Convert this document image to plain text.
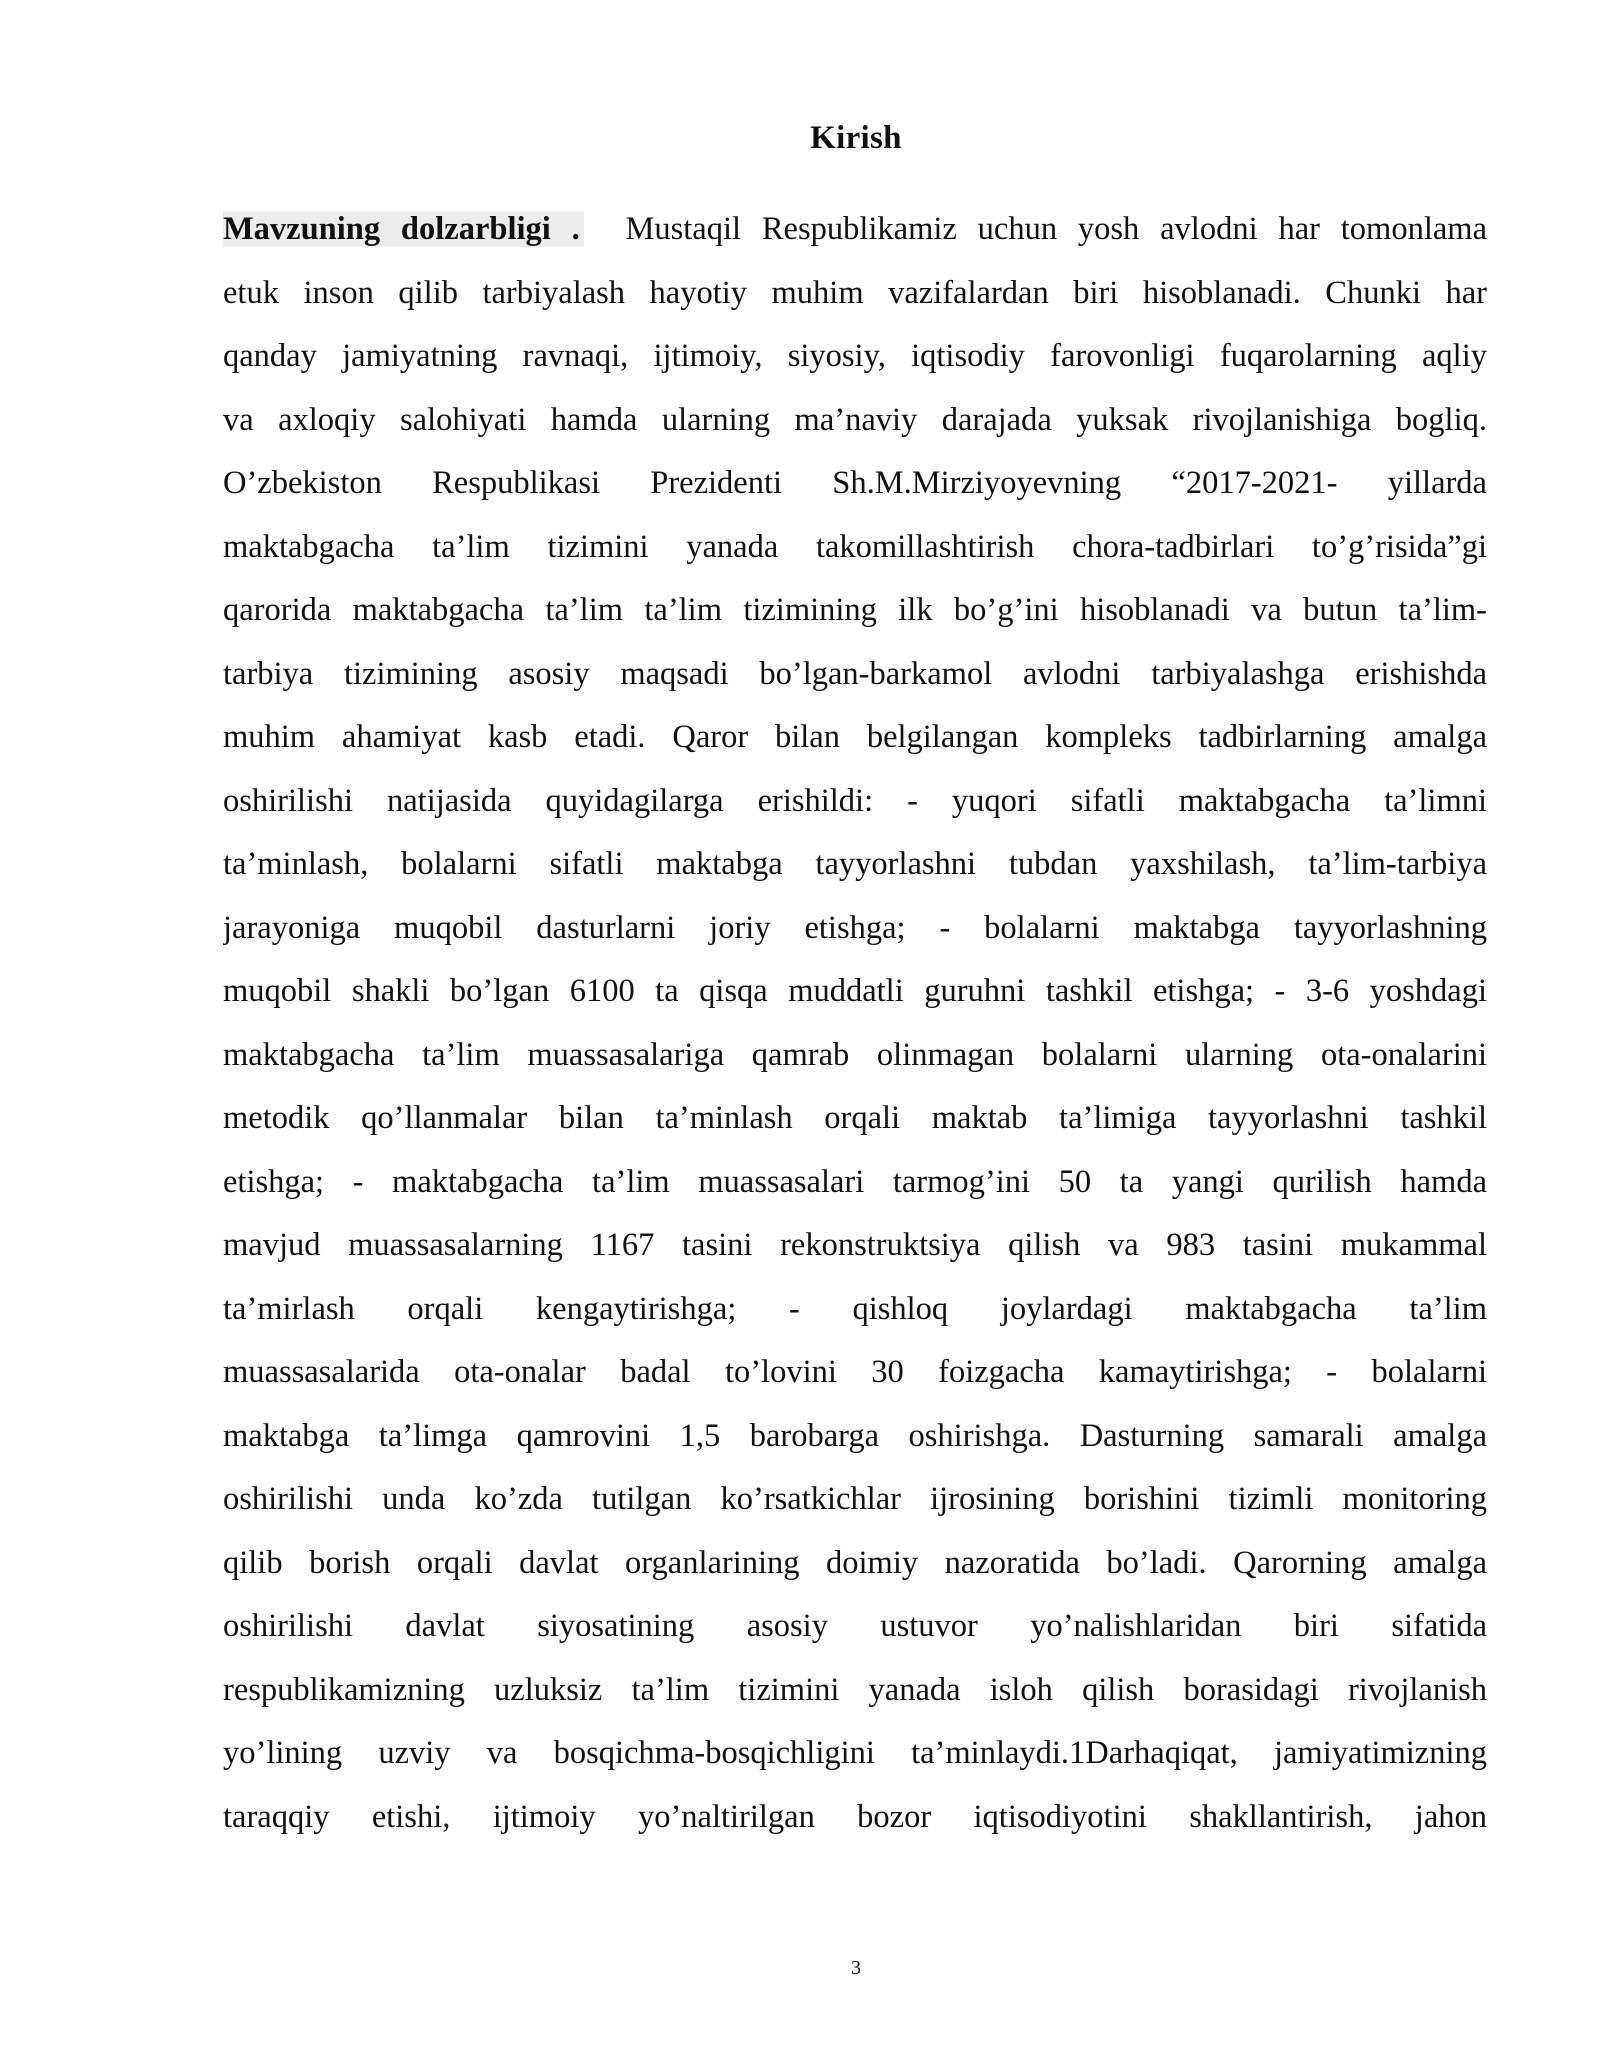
Kirish
Mavzuning dolzarbligi . Mustaqil Respublikamiz uchun yosh avlodni har tomonlama
etuk inson qilib tarbiyalash hayotiy muhim vazifalardan biri hisoblanadi. Chunki har
qanday jamiyatning ravnaqi, ijtimoiy, siyosiy, iqtisodiy farovonligi fuqarolarning aqliy
va axloqiy salohiyati hamda ularning ma’naviy darajada yuksak rivojlanishiga bogliq.
O’zbekiston Respublikasi Prezidenti Sh.M.Mirziyoyevning “2017-2021- yillarda
maktabgacha ta’lim tizimini yanada takomillashtirish chora-tadbirlari to’g’risida”gi
qarorida maktabgacha ta’lim ta’lim tizimining ilk bo’g’ini hisoblanadi va butun ta’lim-
tarbiya tizimining asosiy maqsadi bo’lgan-barkamol avlodni tarbiyalashga erishishda
muhim ahamiyat kasb etadi. Qaror bilan belgilangan kompleks tadbirlarning amalga
oshirilishi natijasida quyidagilarga erishildi: - yuqori sifatli maktabgacha ta’limni
ta’minlash, bolalarni sifatli maktabga tayyorlashni tubdan yaxshilash, ta’lim-tarbiya
jarayoniga muqobil dasturlarni joriy etishga; - bolalarni maktabga tayyorlashning
muqobil shakli bo’lgan 6100 ta qisqa muddatli guruhni tashkil etishga; - 3-6 yoshdagi
maktabgacha ta’lim muassasalariga qamrab olinmagan bolalarni ularning ota-onalarini
metodik qo’llanmalar bilan ta’minlash orqali maktab ta’limiga tayyorlashni tashkil
etishga; - maktabgacha ta’lim muassasalari tarmog’ini 50 ta yangi qurilish hamda
mavjud muassasalarning 1167 tasini rekonstruktsiya qilish va 983 tasini mukammal
ta’mirlash orqali kengaytirishga; - qishloq joylardagi maktabgacha ta’lim
muassasalarida ota-onalar badal to’lovini 30 foizgacha kamaytirishga; - bolalarni
maktabga ta’limga qamrovini 1,5 barobarga oshirishga. Dasturning samarali amalga
oshirilishi unda ko’zda tutilgan ko’rsatkichlar ijrosining borishini tizimli monitoring
qilib borish orqali davlat organlarining doimiy nazoratida bo’ladi. Qarorning amalga
oshirilishi davlat siyosatining asosiy ustuvor yo’nalishlaridan biri sifatida
respublikamizning uzluksiz ta’lim tizimini yanada isloh qilish borasidagi rivojlanish
yo’lining uzviy va bosqichma-bosqichligini ta’minlaydi.1Darhaqiqat, jamiyatimizning
taraqqiy etishi, ijtimoiy yo’naltirilgan bozor iqtisodiyotini shakllantirish, jahon
3
